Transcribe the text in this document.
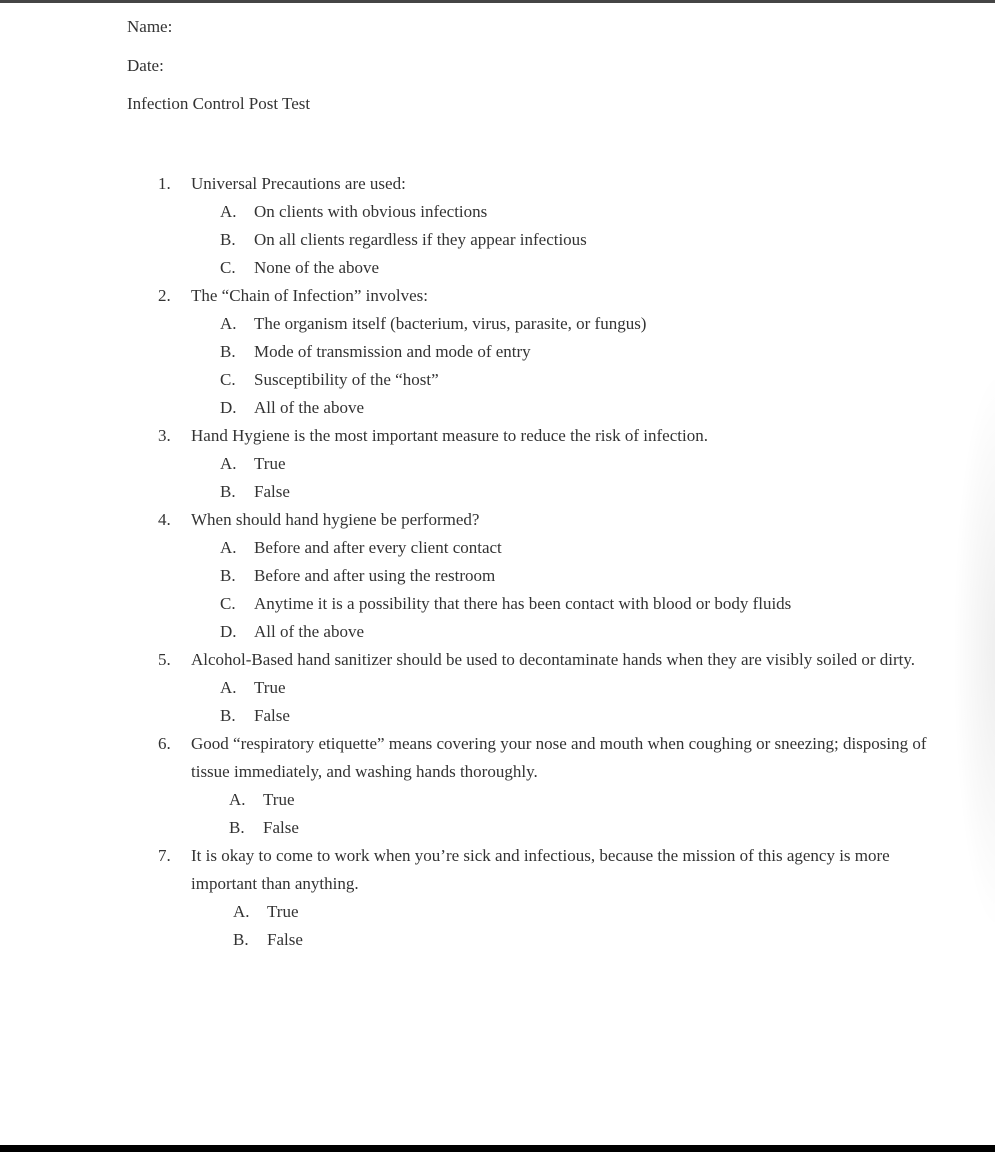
Name:

Date:

Infection Control Post Test

1.	Universal Precautions are used:
A.	On clients with obvious infections
B.	On all clients regardless if they appear infectious
C.	None of the above
2.	The “Chain of Infection” involves:
A.	The organism itself (bacterium, virus, parasite, or fungus)
B.	Mode of transmission and mode of entry
C.	Susceptibility of the “host”
D.	All of the above
3.	Hand Hygiene is the most important measure to reduce the risk of infection.
A.	True
B.	False
4.	When should hand hygiene be performed?
A.	Before and after every client contact
B.	Before and after using the restroom
C.	Anytime it is a possibility that there has been contact with blood or body fluids
D.	All of the above
5.	Alcohol-Based hand sanitizer should be used to decontaminate hands when they are visibly soiled or dirty.
A.	True
B.	False
6.	Good “respiratory etiquette” means covering your nose and mouth when coughing or sneezing; disposing of tissue immediately, and washing hands thoroughly.
A.	True
B.	False
7.	It is okay to come to work when you’re sick and infectious, because the mission of this agency is more important than anything.
A.	True
B.	False
